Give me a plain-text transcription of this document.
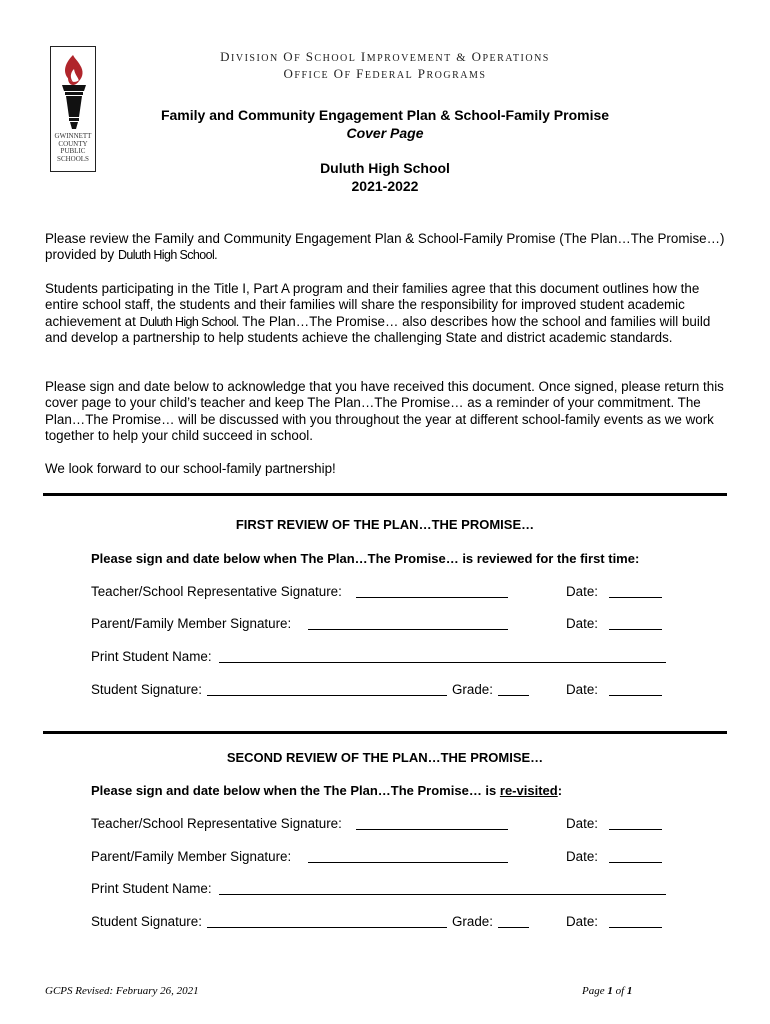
GWINNETT COUNTY PUBLIC SCHOOLS
DIVISION OF SCHOOL IMPROVEMENT & OPERATIONS
OFFICE OF FEDERAL PROGRAMS
Family and Community Engagement Plan & School-Family Promise
Cover Page
Duluth High School
2021-2022
Please review the Family and Community Engagement Plan & School-Family Promise (The Plan…The Promise…) provided by Duluth High School.
Students participating in the Title I, Part A program and their families agree that this document outlines how the entire school staff, the students and their families will share the responsibility for improved student academic achievement at Duluth High School. The Plan…The Promise… also describes how the school and families will build and develop a partnership to help students achieve the challenging State and district academic standards.
Please sign and date below to acknowledge that you have received this document. Once signed, please return this cover page to your child’s teacher and keep The Plan…The Promise… as a reminder of your commitment. The Plan…The Promise… will be discussed with you throughout the year at different school-family events as we work together to help your child succeed in school.
We look forward to our school-family partnership!
FIRST REVIEW OF THE PLAN…THE PROMISE…
Please sign and date below when The Plan…The Promise… is reviewed for the first time:
Teacher/School Representative Signature:	Date:
Parent/Family Member Signature:	Date:
Print Student Name:
Student Signature:	Grade:	Date:
SECOND REVIEW OF THE PLAN…THE PROMISE…
Please sign and date below when the The Plan…The Promise… is re-visited:
Teacher/School Representative Signature:	Date:
Parent/Family Member Signature:	Date:
Print Student Name:
Student Signature:	Grade:	Date:
GCPS Revised: February 26, 2021	Page 1 of 1
